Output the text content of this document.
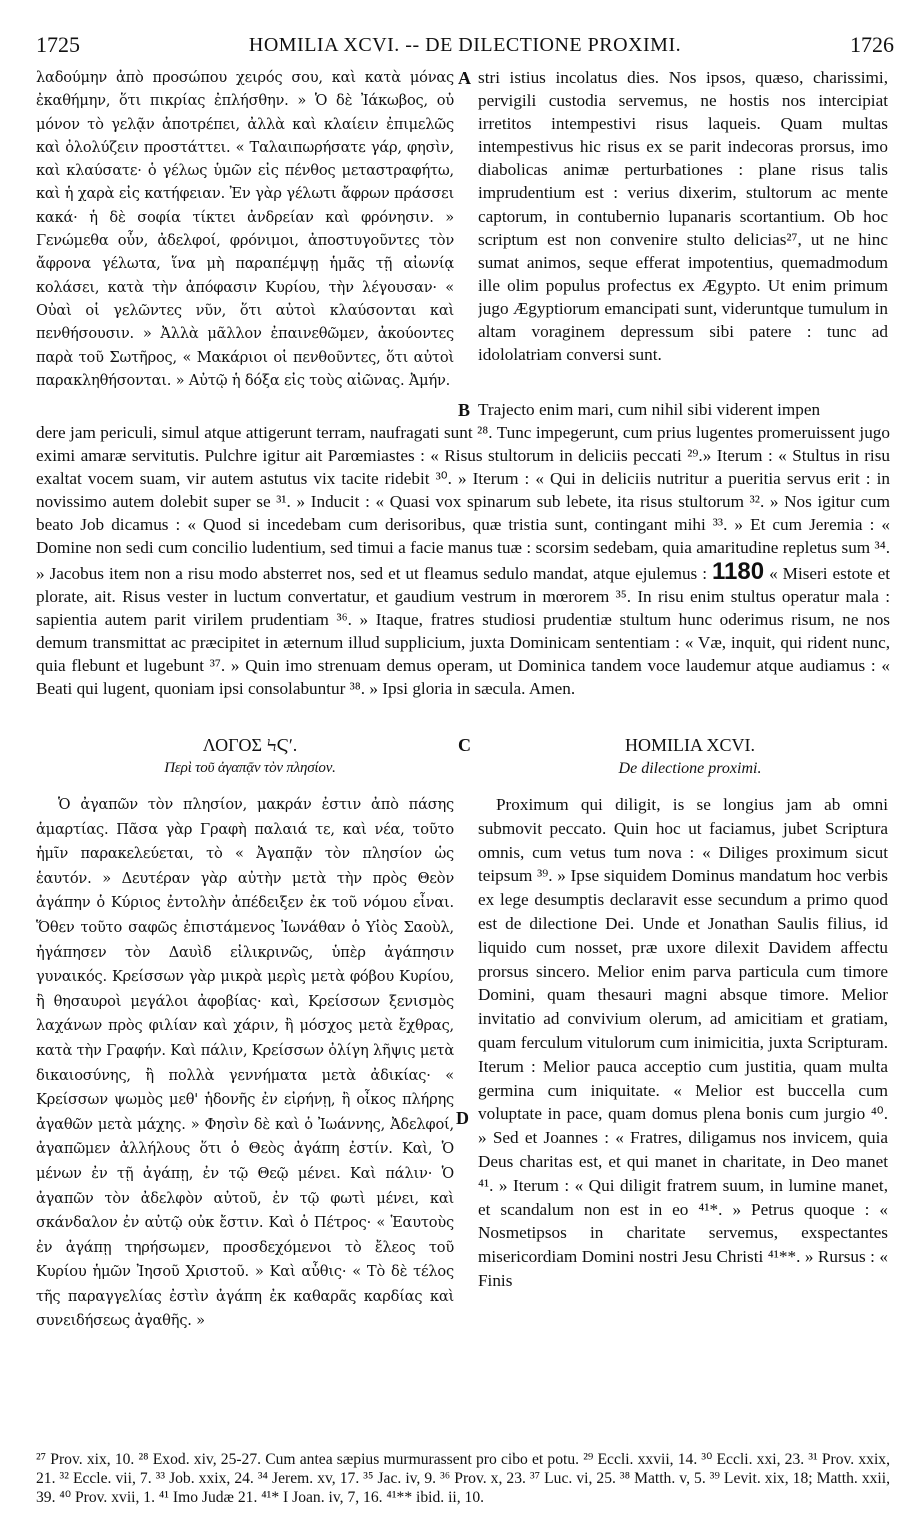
1725	HOMILIA XCVI. -- DE DILECTIONE PROXIMI.	1726

λαδούμην ἀπὸ προσώπου χειρός σου, καὶ κατὰ μόνας ἐκαθήμην, ὅτι πικρίας ἐπλήσθην. » Ὁ δὲ Ἰάκωβος, οὐ μόνον τὸ γελᾷν ἀποτρέπει, ἀλλὰ καὶ κλαίειν ἐπιμελῶς καὶ ὀλολύζειν προστάττει. « Ταλαιπωρήσατε γάρ, φησὶν, καὶ κλαύσατε· ὁ γέλως ὑμῶν εἰς πένθος μεταστραφήτω, καὶ ἡ χαρὰ εἰς κατήφειαν. Ἐν γὰρ γέλωτι ἄφρων πράσσει κακά· ἡ δὲ σοφία τίκτει ἀνδρείαν καὶ φρόνησιν. » Γενώμεθα οὖν, ἀδελφοί, φρόνιμοι, ἀποστυγοῦντες τὸν ἄφρονα γέλωτα, ἵνα μὴ παραπέμψῃ ἡμᾶς τῇ αἰωνίᾳ κολάσει, κατὰ τὴν ἀπόφασιν Κυρίου, τὴν λέγουσαν· « Οὐαὶ οἱ γελῶντες νῦν, ὅτι αὐτοὶ κλαύσονται καὶ πενθήσουσιν. » Ἀλλὰ μᾶλλον ἐπαινεθῶμεν, ἀκούοντες παρὰ τοῦ Σωτῆρος, « Μακάριοι οἱ πενθοῦντες, ὅτι αὐτοὶ παρακληθήσονται. » Αὐτῷ ἡ δόξα εἰς τοὺς αἰῶνας. Ἀμήν.

A stri istius incolatus dies. Nos ipsos, quæso, charissimi, pervigili custodia servemus, ne hostis nos intercipiat irretitos intempestivi risus laqueis. Quam multas intempestivus hic risus ex se parit indecoras prorsus, imo diabolicas animæ perturbationes : plane risus talis imprudentium est : verius dixerim, stultorum ac mente captorum, in contubernio lupanaris scortantium. Ob hoc scriptum est non convenire stulto delicias²⁷, ut ne hinc sumat animos, seque efferat impotentius, quemadmodum ille olim populus profectus ex Ægypto. Ut enim primum jugo Ægyptiorum emancipati sunt, videruntque tumulum in altam voraginem depressum sibi patere : tunc ad idololatriam conversi sunt.

B Trajecto enim mari, cum nihil sibi viderent impen

dere jam periculi, simul atque attigerunt terram, naufragati sunt ²⁸. Tunc impegerunt, cum prius lugentes promeruissent jugo eximi amaræ servitutis. Pulchre igitur ait Parœmiastes : « Risus stultorum in deliciis peccati ²⁹.» Iterum : « Stultus in risu exaltat vocem suam, vir autem astutus vix tacite ridebit ³⁰. » Iterum : « Qui in deliciis nutritur a pueritia servus erit : in novissimo autem dolebit super se ³¹. » Inducit : « Quasi vox spinarum sub lebete, ita risus stultorum ³². » Nos igitur cum beato Job dicamus : « Quod si incedebam cum derisoribus, quæ tristia sunt, contingant mihi ³³. » Et cum Jeremia : « Domine non sedi cum concilio ludentium, sed timui a facie manus tuæ : scorsim sedebam, quia amaritudine repletus sum ³⁴. » Jacobus item non a risu modo absterret nos, sed et ut fleamus sedulo mandat, atque ejulemus : 1180 « Miseri estote et plorate, ait. Risus vester in luctum convertatur, et gaudium vestrum in mœrorem ³⁵. In risu enim stultus operatur mala : sapientia autem parit virilem prudentiam ³⁶. » Itaque, fratres studiosi prudentiæ stultum hunc oderimus risum, ne nos demum transmittat ac præcipitet in æternum illud supplicium, juxta Dominicam sententiam : « Væ, inquit, qui rident nunc, quia flebunt et lugebunt ³⁷. » Quin imo strenuam demus operam, ut Dominica tandem voce laudemur atque audiamus : « Beati qui lugent, quoniam ipsi consolabuntur ³⁸. » Ipsi gloria in sæcula. Amen.

ΛΟΓΟΣ ϞϚʹ.	C	HOMILIA XCVI.
Περὶ τοῦ ἀγαπᾷν τὸν πλησίον.	De dilectione proximi.

Ὁ ἀγαπῶν τὸν πλησίον, μακράν ἐστιν ἀπὸ πάσης ἁμαρτίας. Πᾶσα γὰρ Γραφὴ παλαιά τε, καὶ νέα, τοῦτο ἡμῖν παρακελεύεται, τὸ « Ἀγαπᾷν τὸν πλησίον ὡς ἑαυτόν. » Δευτέραν γὰρ αὐτὴν μετὰ τὴν πρὸς Θεὸν ἀγάπην ὁ Κύριος ἐντολὴν ἀπέδειξεν ἐκ τοῦ νόμου εἶναι. Ὅθεν τοῦτο σαφῶς ἐπιστάμενος Ἰωνάθαν ὁ Υἱὸς Σαοὺλ, ἠγάπησεν τὸν Δαυὶδ εἰλικρινῶς, ὑπὲρ ἀγάπησιν γυναικός. Κρείσσων γὰρ μικρὰ μερὶς μετὰ φόβου Κυρίου, ἢ θησαυροὶ μεγάλοι ἀφοβίας· καὶ, Κρείσσων ξενισμὸς λαχάνων πρὸς φιλίαν καὶ χάριν, ἢ μόσχος μετὰ ἔχθρας, κατὰ τὴν Γραφήν. Καὶ πάλιν, Κρείσσων ὀλίγη λῆψις μετὰ δικαιοσύνης, ἢ πολλὰ γεννήματα μετὰ ἀδικίας· « Κρείσσων ψωμὸς μεθ' ἡδονῆς ἐν εἰρήνῃ, ἢ οἶκος πλήρης ἀγαθῶν μετὰ μάχης. » Φησὶν δὲ καὶ ὁ Ἰωάννης, Ἀδελφοί, ἀγαπῶμεν ἀλλήλους ὅτι ὁ Θεὸς ἀγάπη ἐστίν. Καὶ, Ὁ μένων ἐν τῇ ἀγάπῃ, ἐν τῷ Θεῷ μένει. Καὶ πάλιν· Ὁ ἀγαπῶν τὸν ἀδελφὸν αὐτοῦ, ἐν τῷ φωτὶ μένει, καὶ σκάνδαλον ἐν αὐτῷ οὐκ ἔστιν. Καὶ ὁ Πέτρος· « Ἑαυτοὺς ἐν ἀγάπῃ τηρήσωμεν, προσδεχόμενοι τὸ ἔλεος τοῦ Κυρίου ἡμῶν Ἰησοῦ Χριστοῦ. » Καὶ αὖθις· « Τὸ δὲ τέλος τῆς παραγγελίας ἐστὶν ἀγάπη ἐκ καθαρᾶς καρδίας καὶ συνειδήσεως ἀγαθῆς. »

D

Proximum qui diligit, is se longius jam ab omni submovit peccato. Quin hoc ut faciamus, jubet Scriptura omnis, cum vetus tum nova : « Diliges proximum sicut teipsum ³⁹. » Ipse siquidem Dominus mandatum hoc verbis ex lege desumptis declaravit esse secundum a primo quod est de dilectione Dei. Unde et Jonathan Saulis filius, id liquido cum nosset, præ uxore dilexit Davidem affectu prorsus sincero. Melior enim parva particula cum timore Domini, quam thesauri magni absque timore. Melior invitatio ad convivium olerum, ad amicitiam et gratiam, quam ferculum vitulorum cum inimicitia, juxta Scripturam. Iterum : Melior pauca acceptio cum justitia, quam multa germina cum iniquitate. « Melior est buccella cum voluptate in pace, quam domus plena bonis cum jurgio ⁴⁰. » Sed et Joannes : « Fratres, diligamus nos invicem, quia Deus charitas est, et qui manet in charitate, in Deo manet ⁴¹. » Iterum : « Qui diligit fratrem suum, in lumine manet, et scandalum non est in eo ⁴¹*. » Petrus quoque : « Nosmetipsos in charitate servemus, exspectantes misericordiam Domini nostri Jesu Christi ⁴¹**. » Rursus : « Finis

²⁷ Prov. xix, 10. ²⁸ Exod. xiv, 25-27. Cum antea sæpius murmurassent pro cibo et potu. ²⁹ Eccli. xxvii, 14. ³⁰ Eccli. xxi, 23. ³¹ Prov. xxix, 21. ³² Eccle. vii, 7. ³³ Job. xxix, 24. ³⁴ Jerem. xv, 17. ³⁵ Jac. iv, 9. ³⁶ Prov. x, 23. ³⁷ Luc. vi, 25. ³⁸ Matth. v, 5. ³⁹ Levit. xix, 18; Matth. xxii, 39. ⁴⁰ Prov. xvii, 1. ⁴¹ Imo Judæ 21. ⁴¹* I Joan. iv, 7, 16. ⁴¹** ibid. ii, 10.
